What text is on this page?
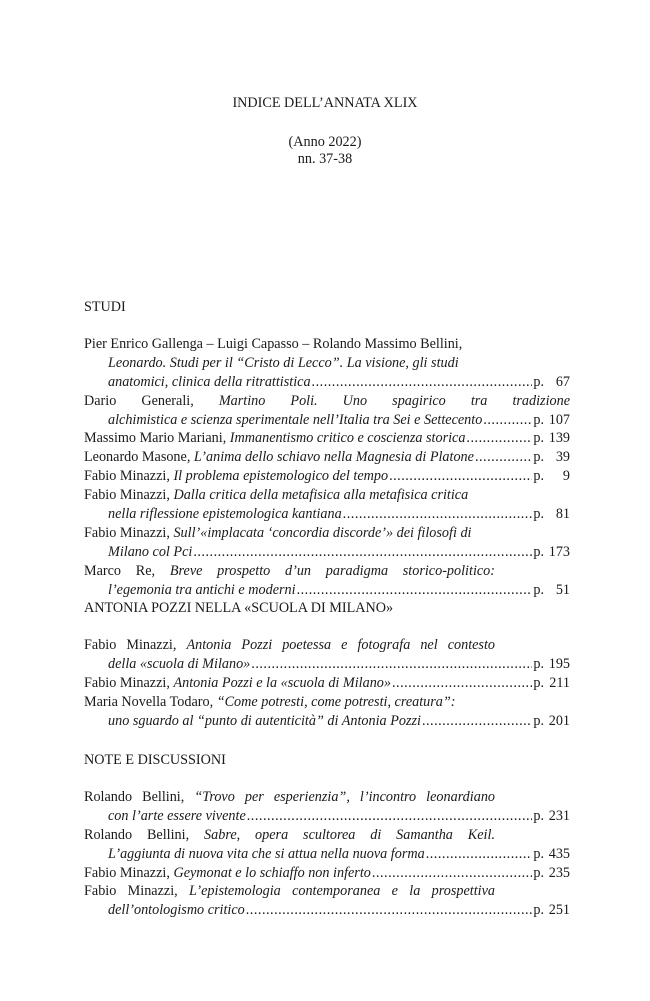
INDICE DELL’ANNATA XLIX
(Anno 2022)
nn. 37-38
STUDI
Pier Enrico Gallenga – Luigi Capasso – Rolando Massimo Bellini,
Leonardo. Studi per il “Cristo di Lecco”. La visione, gli studi
anatomici, clinica della ritrattistica .....	p. 67
Dario Generali, Martino Poli. Uno spagirico tra tradizione
alchimistica e scienza sperimentale nell’Italia tra Sei e Settecento .....	p. 107
Massimo Mario Mariani, Immanentismo critico e coscienza storica .....	p. 139
Leonardo Masone, L’anima dello schiavo nella Magnesia di Platone .....	p. 39
Fabio Minazzi, Il problema epistemologico del tempo .....	p. 9
Fabio Minazzi, Dalla critica della metafisica alla metafisica critica
nella riflessione epistemologica kantiana .....	p. 81
Fabio Minazzi, Sull’«implacata ‘concordia discorde’» dei filosofi di
Milano col Pci .....	p. 173
Marco Re, Breve prospetto d’un paradigma storico-politico:
l’egemonia tra antichi e moderni .....	p. 51
ANTONIA POZZI NELLA «SCUOLA DI MILANO»
Fabio Minazzi, Antonia Pozzi poetessa e fotografa nel contesto
della «scuola di Milano» .....	p. 195
Fabio Minazzi, Antonia Pozzi e la «scuola di Milano» .....	p. 211
Maria Novella Todaro, “Come potresti, come potresti, creatura”:
uno sguardo al “punto di autenticità” di Antonia Pozzi .....	p. 201
NOTE E DISCUSSIONI
Rolando Bellini, “Trovo per esperienzia”, l’incontro leonardiano
con l’arte essere vivente .....	p. 231
Rolando Bellini, Sabre, opera scultorea di Samantha Keil.
L’aggiunta di nuova vita che si attua nella nuova forma .....	p. 435
Fabio Minazzi, Geymonat e lo schiaffo non inferto .....	p. 235
Fabio Minazzi, L’epistemologia contemporanea e la prospettiva
dell’ontologismo critico .....	p. 251
